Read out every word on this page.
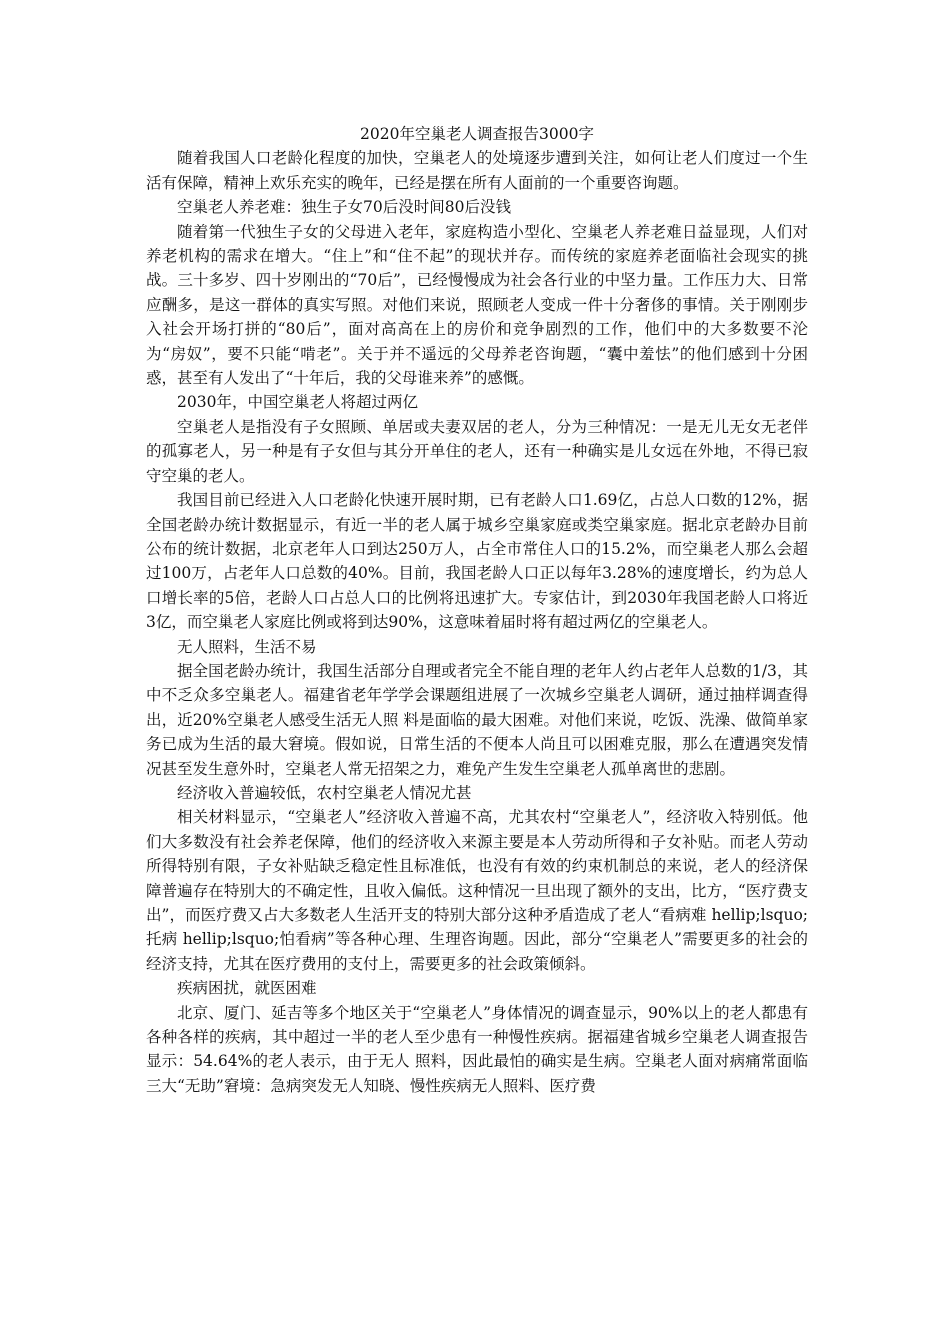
2020年空巢老人调查报告3000字

随着我国人口老龄化程度的加快，空巢老人的处境逐步遭到关注，如何让老人们度过一个生活有保障，精神上欢乐充实的晚年，已经是摆在所有人面前的一个重要咨询题。

空巢老人养老难：独生子女70后没时间80后没钱

随着第一代独生子女的父母进入老年，家庭构造小型化、空巢老人养老难日益显现，人们对养老机构的需求在增大。“住上”和“住不起”的现状并存。而传统的家庭养老面临社会现实的挑战。三十多岁、四十岁刚出的“70后”，已经慢慢成为社会各行业的中坚力量。工作压力大、日常应酬多，是这一群体的真实写照。对他们来说，照顾老人变成一件十分奢侈的事情。关于刚刚步入社会开场打拼的“80后”，面对高高在上的房价和竞争剧烈的工作，他们中的大多数要不沦为“房奴”，要不只能“啃老”。关于并不遥远的父母养老咨询题，“囊中羞怯”的他们感到十分困惑，甚至有人发出了“十年后，我的父母谁来养”的感慨。

2030年，中国空巢老人将超过两亿

空巢老人是指没有子女照顾、单居或夫妻双居的老人，分为三种情况：一是无儿无女无老伴的孤寡老人，另一种是有子女但与其分开单住的老人，还有一种确实是儿女远在外地，不得已寂守空巢的老人。

我国目前已经进入人口老龄化快速开展时期，已有老龄人口1.69亿，占总人口数的12%，据全国老龄办统计数据显示，有近一半的老人属于城乡空巢家庭或类空巢家庭。据北京老龄办目前公布的统计数据，北京老年人口到达250万人，占全市常住人口的15.2%，而空巢老人那么会超过100万，占老年人口总数的40%。目前，我国老龄人口正以每年3.28%的速度增长，约为总人口增长率的5倍，老龄人口占总人口的比例将迅速扩大。专家估计，到2030年我国老龄人口将近3亿，而空巢老人家庭比例或将到达90%，这意味着届时将有超过两亿的空巢老人。

无人照料，生活不易

据全国老龄办统计，我国生活部分自理或者完全不能自理的老年人约占老年人总数的1/3，其中不乏众多空巢老人。福建省老年学学会课题组进展了一次城乡空巢老人调研，通过抽样调查得出，近20%空巢老人感受生活无人照 料是面临的最大困难。对他们来说，吃饭、洗澡、做简单家务已成为生活的最大窘境。假如说，日常生活的不便本人尚且可以困难克服，那么在遭遇突发情况甚至发生意外时，空巢老人常无招架之力，难免产生发生空巢老人孤单离世的悲剧。

经济收入普遍较低，农村空巢老人情况尤甚

相关材料显示，“空巢老人”经济收入普遍不高，尤其农村“空巢老人”，经济收入特别低。他们大多数没有社会养老保障，他们的经济收入来源主要是本人劳动所得和子女补贴。而老人劳动所得特别有限，子女补贴缺乏稳定性且标准低，也没有有效的约束机制总的来说，老人的经济保障普遍存在特别大的不确定性，且收入偏低。这种情况一旦出现了额外的支出，比方，“医疗费支出”，而医疗费又占大多数老人生活开支的特别大部分这种矛盾造成了老人“看病难 hellip;lsquo;托病 hellip;lsquo;怕看病”等各种心理、生理咨询题。因此，部分“空巢老人”需要更多的社会的经济支持，尤其在医疗费用的支付上，需要更多的社会政策倾斜。

疾病困扰，就医困难

北京、厦门、延吉等多个地区关于“空巢老人”身体情况的调查显示，90%以上的老人都患有各种各样的疾病，其中超过一半的老人至少患有一种慢性疾病。据福建省城乡空巢老人调查报告显示：54.64%的老人表示，由于无人 照料，因此最怕的确实是生病。空巢老人面对病痛常面临三大“无助”窘境：急病突发无人知晓、慢性疾病无人照料、医疗费
